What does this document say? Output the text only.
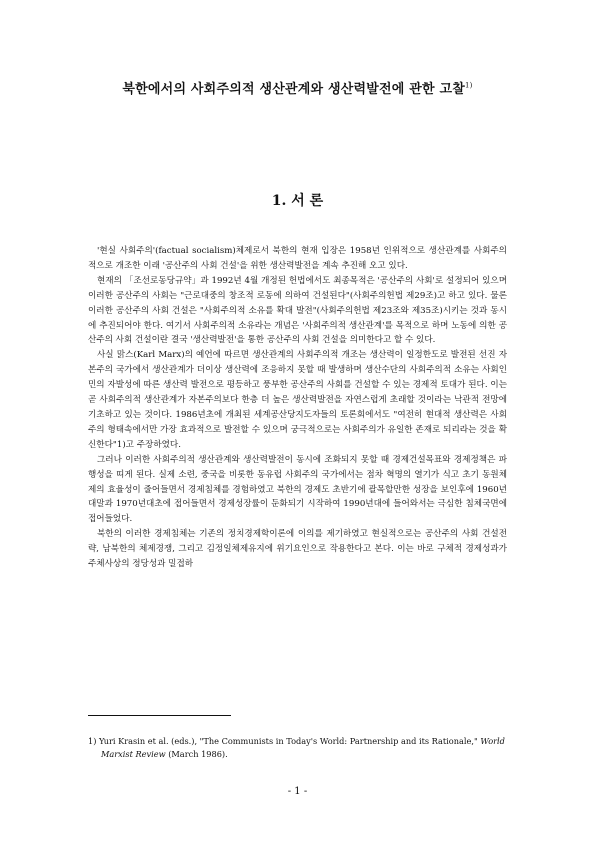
북한에서의 사회주의적 생산관계와 생산력발전에 관한 고찰$^{1)}$
1. 서 론

'현실 사회주의'(factual socialism)체제로서 북한의 현재 입장은 1958년 인위적으로 생산관계를 사회주의적으로 개조한 이래 '공산주의 사회 건설'을 위한 생산력발전을 계속 추진해 오고 있다.

현재의 「조선로동당규약」과 1992년 4월 개정된 헌법에서도 최종목적은 '공산주의 사회'로 설정되어 있으며 이러한 공산주의 사회는 "근로대중의 창조적 로동에 의하여 건설된다"(사회주의헌법 제29조)고 하고 있다. 물론 이러한 공산주의 사회 건설은 "사회주의적 소유를 확대 발전"(사회주의헌법 제23조와 제35조)시키는 것과 동시에 추진되어야 한다. 여기서 사회주의적 소유라는 개념은 '사회주의적 생산관계'를 목적으로 하며 노동에 의한 공산주의 사회 건설이란 결국 '생산력발전'을 통한 공산주의 사회 건설을 의미한다고 할 수 있다.

사실 맑스(Karl Marx)의 예언에 따르면 생산관계의 사회주의적 개조는 생산력이 일정한도로 발전된 선진 자본주의 국가에서 생산관계가 더이상 생산력에 조응하지 못할 때 발생하며 생산수단의 사회주의적 소유는 사회인민의 자발성에 따른 생산력 발전으로 평등하고 풍부한 공산주의 사회를 건설할 수 있는 경제적 토대가 된다. 이는 곧 사회주의적 생산관계가 자본주의보다 한층 더 높은 생산력발전을 자연스럽게 초래할 것이라는 낙관적 전망에 기초하고 있는 것이다. 1986년초에 개최된 세계공산당지도자들의 토론회에서도 "여전히 현대적 생산력은 사회주의 형태속에서만 가장 효과적으로 발전할 수 있으며 궁극적으로는 사회주의가 유일한 존재로 되리라는 것을 확신한다"1)고 주장하였다.

그러나 이러한 사회주의적 생산관계와 생산력발전이 동시에 조화되지 못할 때 경제건설목표와 경제정책은 파행성을 띠게 된다. 실제 소련, 중국을 비롯한 동유럽 사회주의 국가에서는 점차 혁명의 열기가 식고 초기 동원체제의 효율성이 줄어들면서 경제침체를 경험하였고 북한의 경제도 초반기에 괄목할만한 성장을 보인후에 1960년대말과 1970년대초에 접어들면서 경제성장률이 둔화되기 시작하여 1990년대에 들어와서는 극심한 침체국면에 접어들었다.

북한의 이러한 경제침체는 기존의 정치경제학이론에 이의를 제기하였고 현실적으로는 공산주의 사회 건설전략, 남북한의 체제경쟁, 그리고 김정일체제유지에 위기요인으로 작용한다고 본다. 이는 바로 구체적 경제성과가 주체사상의 정당성과 밀접하

1) Yuri Krasin et al. (eds.), "The Communists in Today's World: Partnership and its Rationale," World Marxist Review (March 1986).
- 1 -
